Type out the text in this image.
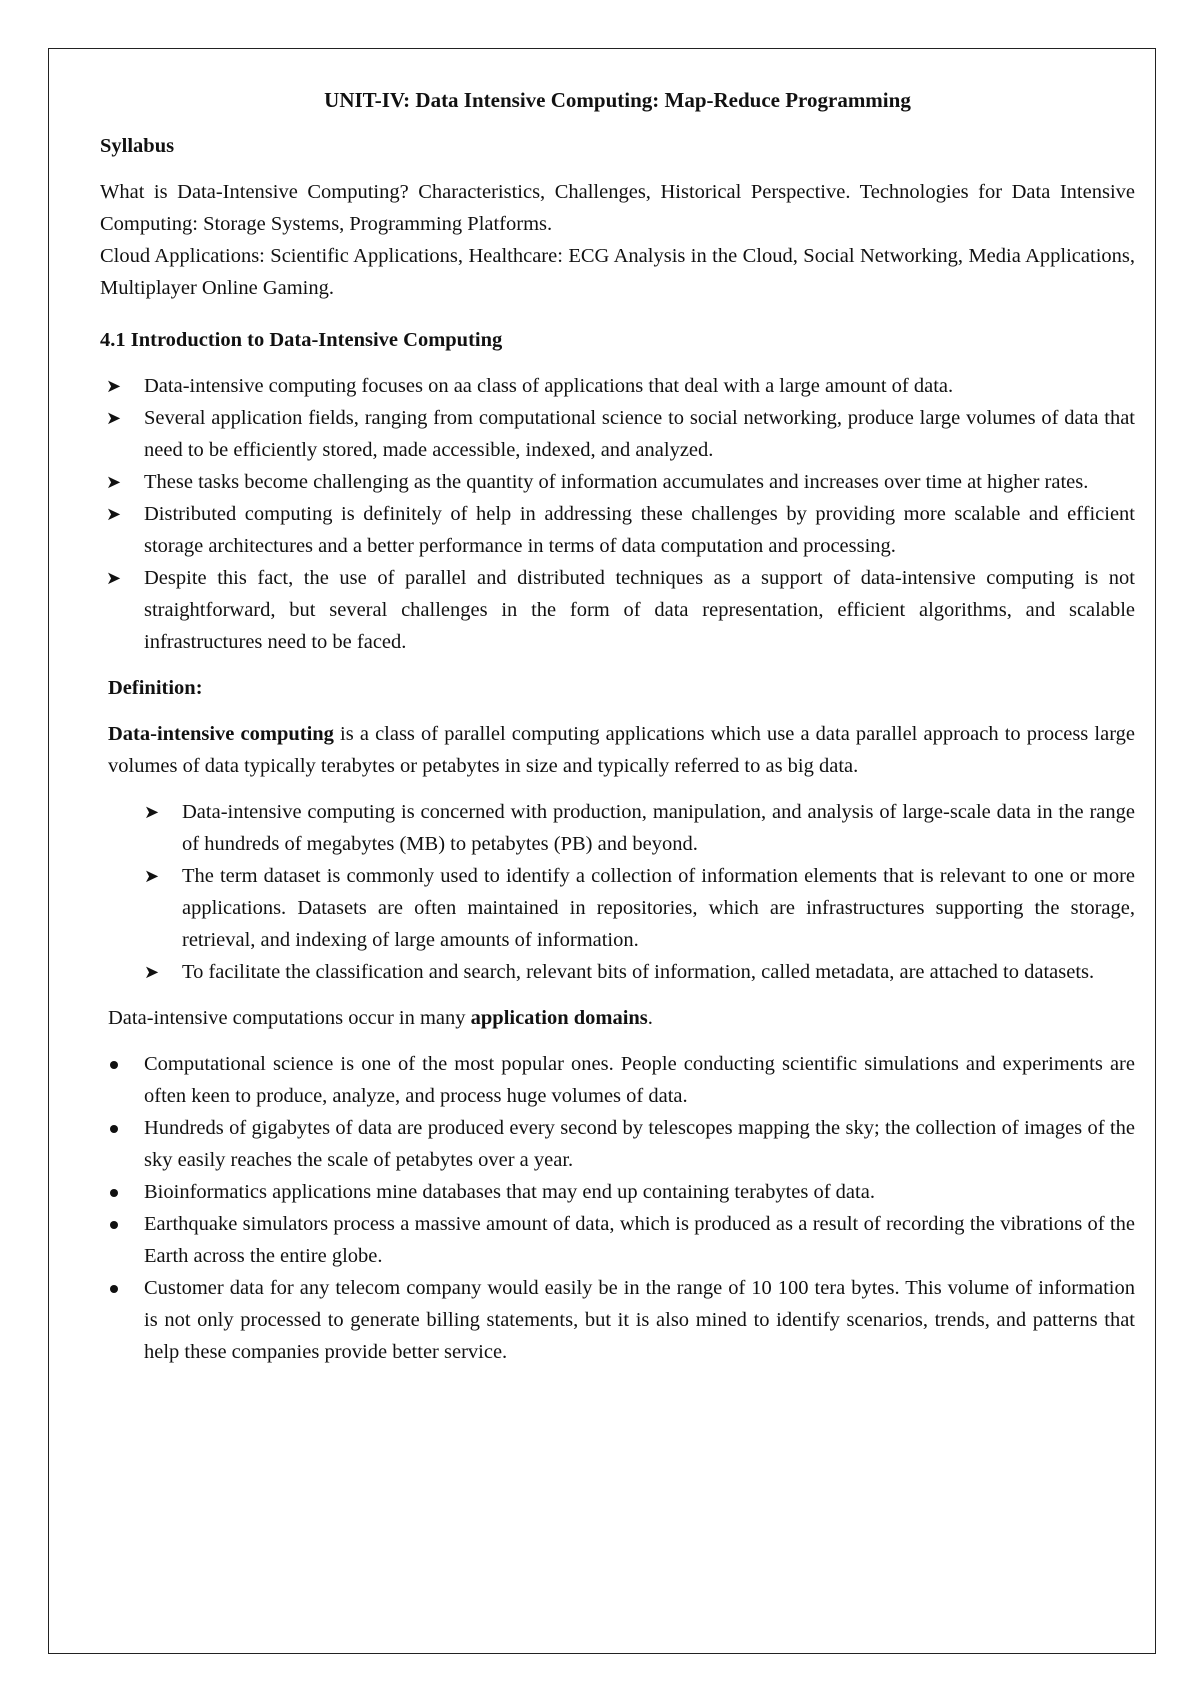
UNIT-IV: Data Intensive Computing: Map-Reduce Programming
Syllabus

What is Data-Intensive Computing? Characteristics, Challenges, Historical Perspective. Technologies for Data Intensive Computing: Storage Systems, Programming Platforms.

Cloud Applications: Scientific Applications, Healthcare: ECG Analysis in the Cloud, Social Networking, Media Applications, Multiplayer Online Gaming.

4.1 Introduction to Data-Intensive Computing
➤ Data-intensive computing focuses on aa class of applications that deal with a large amount of data.
➤ Several application fields, ranging from computational science to social networking, produce large volumes of data that need to be efficiently stored, made accessible, indexed, and analyzed.
➤ These tasks become challenging as the quantity of information accumulates and increases over time at higher rates.
➤ Distributed computing is definitely of help in addressing these challenges by providing more scalable and efficient storage architectures and a better performance in terms of data computation and processing.
➤ Despite this fact, the use of parallel and distributed techniques as a support of data-intensive computing is not straightforward, but several challenges in the form of data representation, efficient algorithms, and scalable infrastructures need to be faced.
Definition:

Data-intensive computing is a class of parallel computing applications which use a data parallel approach to process large volumes of data typically terabytes or petabytes in size and typically referred to as big data.

➤ Data-intensive computing is concerned with production, manipulation, and analysis of large-scale data in the range of hundreds of megabytes (MB) to petabytes (PB) and beyond.
➤ The term dataset is commonly used to identify a collection of information elements that is relevant to one or more applications. Datasets are often maintained in repositories, which are infrastructures supporting the storage, retrieval, and indexing of large amounts of information.
➤ To facilitate the classification and search, relevant bits of information, called metadata, are attached to datasets.

Data-intensive computations occur in many application domains.

Computational science is one of the most popular ones. People conducting scientific simulations and experiments are often keen to produce, analyze, and process huge volumes of data.
Hundreds of gigabytes of data are produced every second by telescopes mapping the sky; the collection of images of the sky easily reaches the scale of petabytes over a year.
Bioinformatics applications mine databases that may end up containing terabytes of data.
Earthquake simulators process a massive amount of data, which is produced as a result of recording the vibrations of the Earth across the entire globe.
Customer data for any telecom company would easily be in the range of 10 100 tera bytes. This volume of information is not only processed to generate billing statements, but it is also mined to identify scenarios, trends, and patterns that help these companies provide better service.
